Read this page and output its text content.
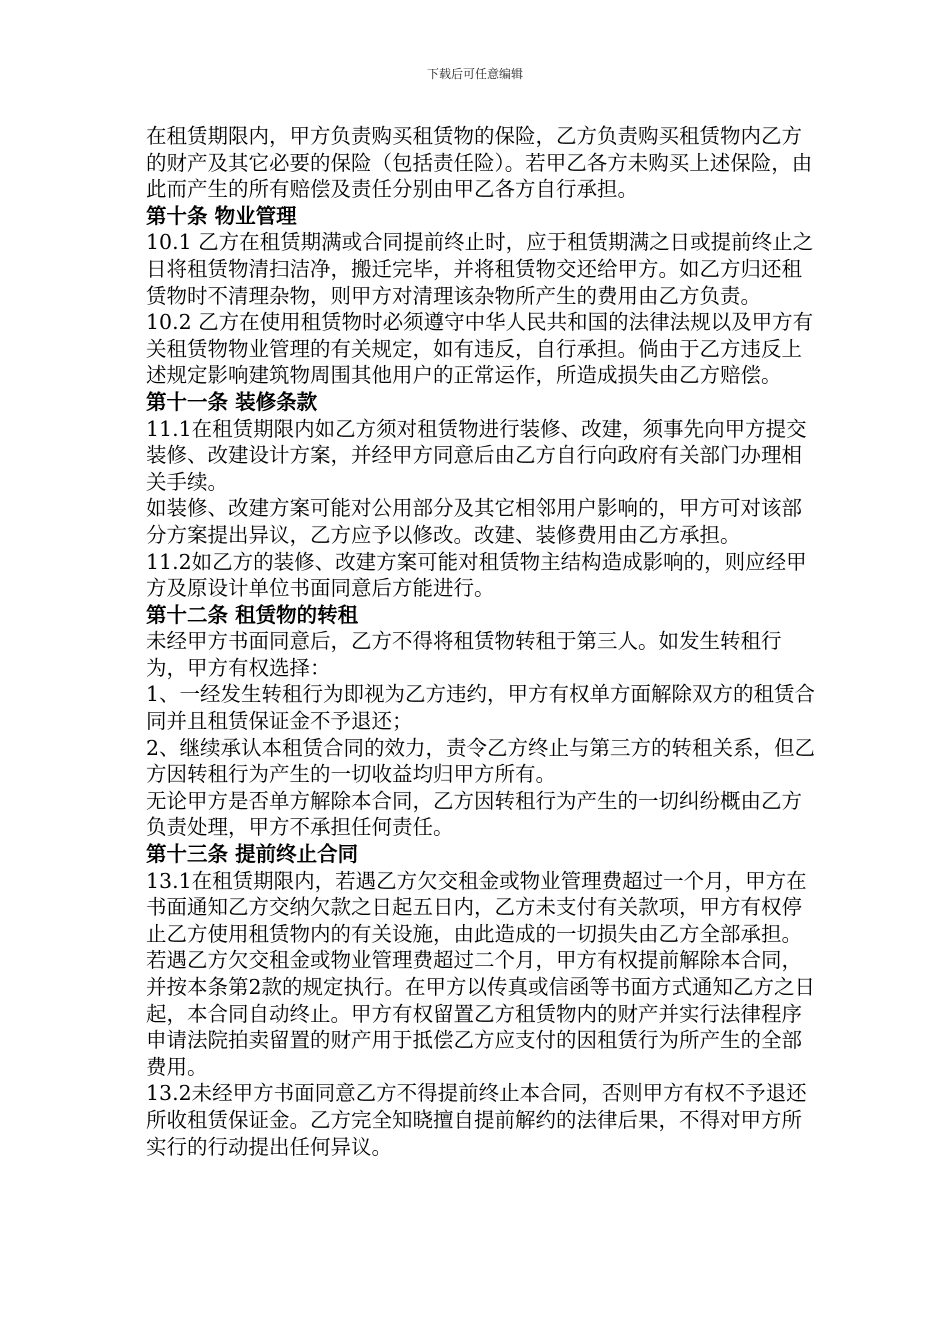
下载后可任意编辑

在租赁期限内，甲方负责购买租赁物的保险，乙方负责购买租赁物内乙方的财产及其它必要的保险（包括责任险）。若甲乙各方未购买上述保险，由此而产生的所有赔偿及责任分别由甲乙各方自行承担。

第十条 物业管理

10.1 乙方在租赁期满或合同提前终止时，应于租赁期满之日或提前终止之日将租赁物清扫洁净，搬迁完毕，并将租赁物交还给甲方。如乙方归还租赁物时不清理杂物，则甲方对清理该杂物所产生的费用由乙方负责。

10.2 乙方在使用租赁物时必须遵守中华人民共和国的法律法规以及甲方有关租赁物物业管理的有关规定，如有违反，自行承担。倘由于乙方违反上述规定影响建筑物周围其他用户的正常运作，所造成损失由乙方赔偿。

第十一条 装修条款

11.1在租赁期限内如乙方须对租赁物进行装修、改建，须事先向甲方提交装修、改建设计方案，并经甲方同意后由乙方自行向政府有关部门办理相关手续。

如装修、改建方案可能对公用部分及其它相邻用户影响的，甲方可对该部分方案提出异议，乙方应予以修改。改建、装修费用由乙方承担。

11.2如乙方的装修、改建方案可能对租赁物主结构造成影响的，则应经甲方及原设计单位书面同意后方能进行。

第十二条 租赁物的转租

未经甲方书面同意后，乙方不得将租赁物转租于第三人。如发生转租行为，甲方有权选择：

1、一经发生转租行为即视为乙方违约，甲方有权单方面解除双方的租赁合同并且租赁保证金不予退还；

2、继续承认本租赁合同的效力，责令乙方终止与第三方的转租关系，但乙方因转租行为产生的一切收益均归甲方所有。

无论甲方是否单方解除本合同，乙方因转租行为产生的一切纠纷概由乙方负责处理，甲方不承担任何责任。

第十三条 提前终止合同

13.1在租赁期限内，若遇乙方欠交租金或物业管理费超过一个月，甲方在书面通知乙方交纳欠款之日起五日内，乙方未支付有关款项，甲方有权停止乙方使用租赁物内的有关设施，由此造成的一切损失由乙方全部承担。

若遇乙方欠交租金或物业管理费超过二个月，甲方有权提前解除本合同，并按本条第2款的规定执行。在甲方以传真或信函等书面方式通知乙方之日起，本合同自动终止。甲方有权留置乙方租赁物内的财产并实行法律程序申请法院拍卖留置的财产用于抵偿乙方应支付的因租赁行为所产生的全部费用。

13.2未经甲方书面同意乙方不得提前终止本合同，否则甲方有权不予退还所收租赁保证金。乙方完全知晓擅自提前解约的法律后果，不得对甲方所实行的行动提出任何异议。
